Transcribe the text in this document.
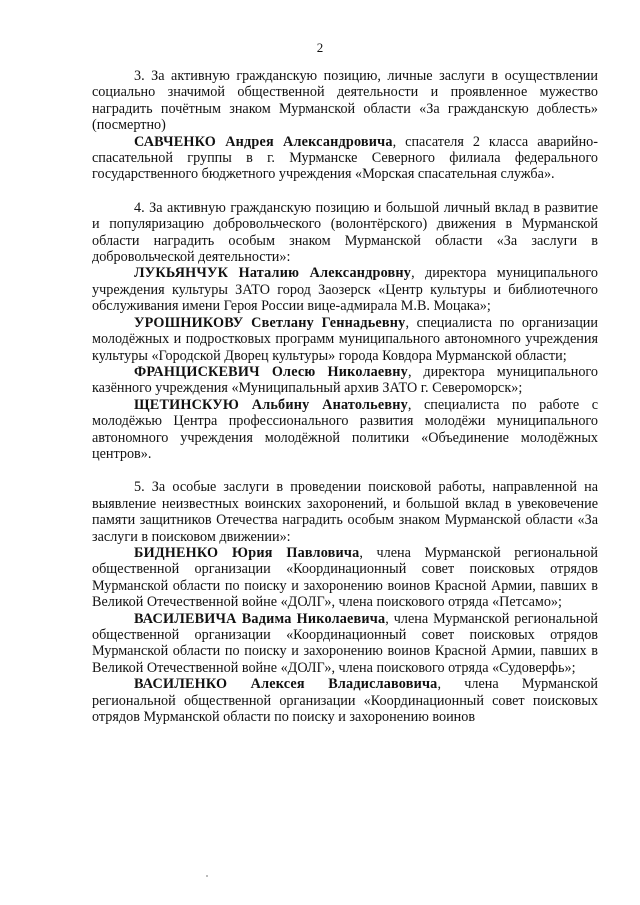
2

3. За активную гражданскую позицию, личные заслуги в осуществлении социально значимой общественной деятельности и проявленное мужество наградить почётным знаком Мурманской области «За гражданскую доблесть» (посмертно)

САВЧЕНКО Андрея Александровича, спасателя 2 класса аварийно-спасательной группы в г. Мурманске Северного филиала федерального государственного бюджетного учреждения «Морская спасательная служба».

4. За активную гражданскую позицию и большой личный вклад в развитие и популяризацию добровольческого (волонтёрского) движения в Мурманской области наградить особым знаком Мурманской области «За заслуги в добровольческой деятельности»:

ЛУКЬЯНЧУК Наталию Александровну, директора муниципального учреждения культуры ЗАТО город Заозерск «Центр культуры и библиотечного обслуживания имени Героя России вице-адмирала М.В. Моцака»;

УРОШНИКОВУ Светлану Геннадьевну, специалиста по организации молодёжных и подростковых программ муниципального автономного учреждения культуры «Городской Дворец культуры» города Ковдора Мурманской области;

ФРАНЦИСКЕВИЧ Олесю Николаевну, директора муниципального казённого учреждения «Муниципальный архив ЗАТО г. Североморск»;

ЩЕТИНСКУЮ Альбину Анатольевну, специалиста по работе с молодёжью Центра профессионального развития молодёжи муниципального автономного учреждения молодёжной политики «Объединение молодёжных центров».

5. За особые заслуги в проведении поисковой работы, направленной на выявление неизвестных воинских захоронений, и большой вклад в увековечение памяти защитников Отечества наградить особым знаком Мурманской области «За заслуги в поисковом движении»:

БИДНЕНКО Юрия Павловича, члена Мурманской региональной общественной организации «Координационный совет поисковых отрядов Мурманской области по поиску и захоронению воинов Красной Армии, павших в Великой Отечественной войне «ДОЛГ», члена поискового отряда «Петсамо»;

ВАСИЛЕВИЧА Вадима Николаевича, члена Мурманской региональной общественной организации «Координационный совет поисковых отрядов Мурманской области по поиску и захоронению воинов Красной Армии, павших в Великой Отечественной войне «ДОЛГ», члена поискового отряда «Судоверфь»;

ВАСИЛЕНКО Алексея Владиславовича, члена Мурманской региональной общественной организации «Координационный совет поисковых отрядов Мурманской области по поиску и захоронению воинов
